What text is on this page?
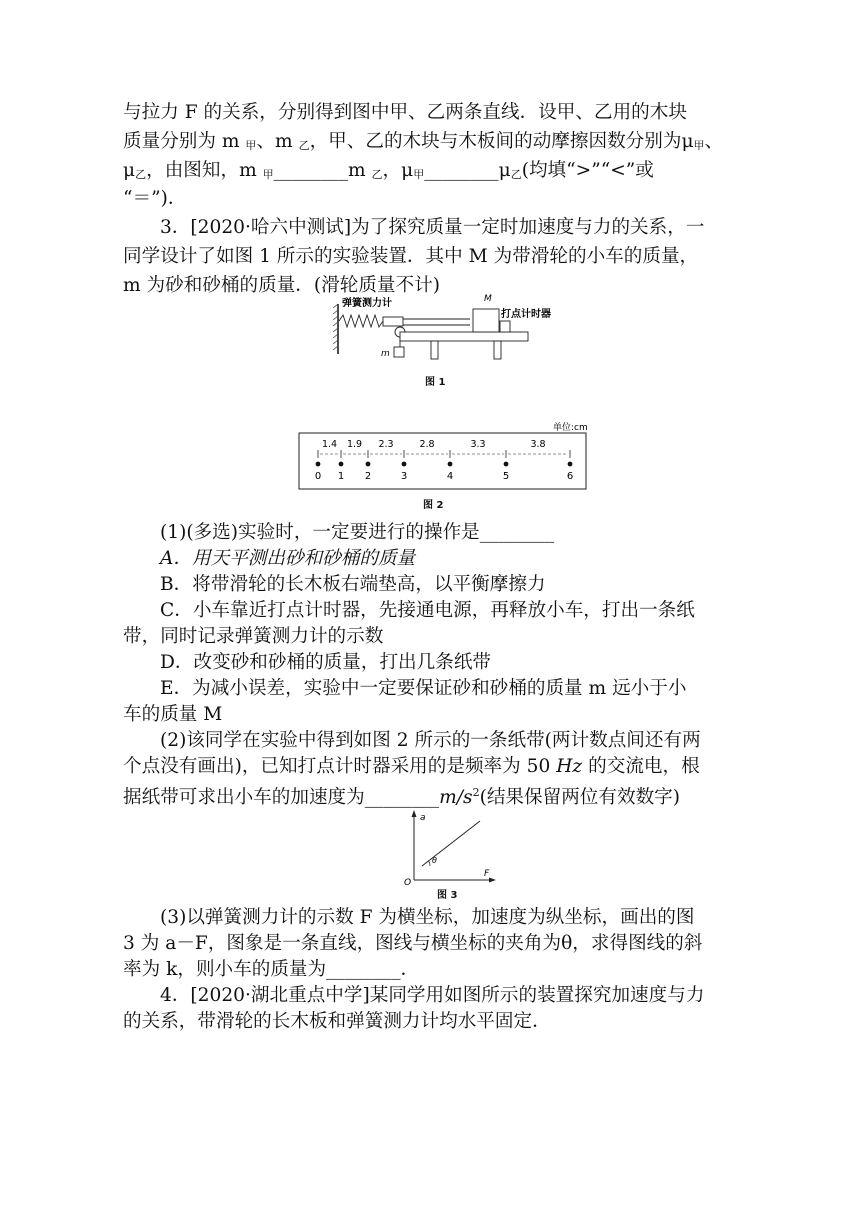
与拉力 F 的关系，分别得到图中甲、乙两条直线．设甲、乙用的木块
质量分别为 m 甲、m 乙，甲、乙的木块与木板间的动摩擦因数分别为μ甲、
μ乙，由图知，m 甲________m 乙，μ甲________μ乙(均填“>”“<”或
“＝”)．
3．[2020·哈六中测试]为了探究质量一定时加速度与力的关系，一
同学设计了如图 1 所示的实验装置．其中 M 为带滑轮的小车的质量，
m 为砂和砂桶的质量．(滑轮质量不计)
弹簧测力计
m
M
打点计时器
图 1
单位:cm
0 1 2	3	4	5	6
1.4 1.9 2.3	2.8	3.3	3.8
图 2
(1)(多选)实验时，一定要进行的操作是________
A．用天平测出砂和砂桶的质量
B．将带滑轮的长木板右端垫高，以平衡摩擦力
C．小车靠近打点计时器，先接通电源，再释放小车，打出一条纸
带，同时记录弹簧测力计的示数
D．改变砂和砂桶的质量，打出几条纸带
E．为减小误差，实验中一定要保证砂和砂桶的质量 m 远小于小
车的质量 M
(2)该同学在实验中得到如图 2 所示的一条纸带(两计数点间还有两
个点没有画出)，已知打点计时器采用的是频率为 50 Hz 的交流电，根
据纸带可求出小车的加速度为$\_\_\_\_\_\_\_\_m/s^2$(结果保留两位有效数字)
a
F
O
θ
图 3
(3)以弹簧测力计的示数 F 为横坐标，加速度为纵坐标，画出的图
3 为 a－F，图象是一条直线，图线与横坐标的夹角为θ，求得图线的斜
率为 k，则小车的质量为________．
4．[2020·湖北重点中学]某同学用如图所示的装置探究加速度与力
的关系，带滑轮的长木板和弹簧测力计均水平固定．
